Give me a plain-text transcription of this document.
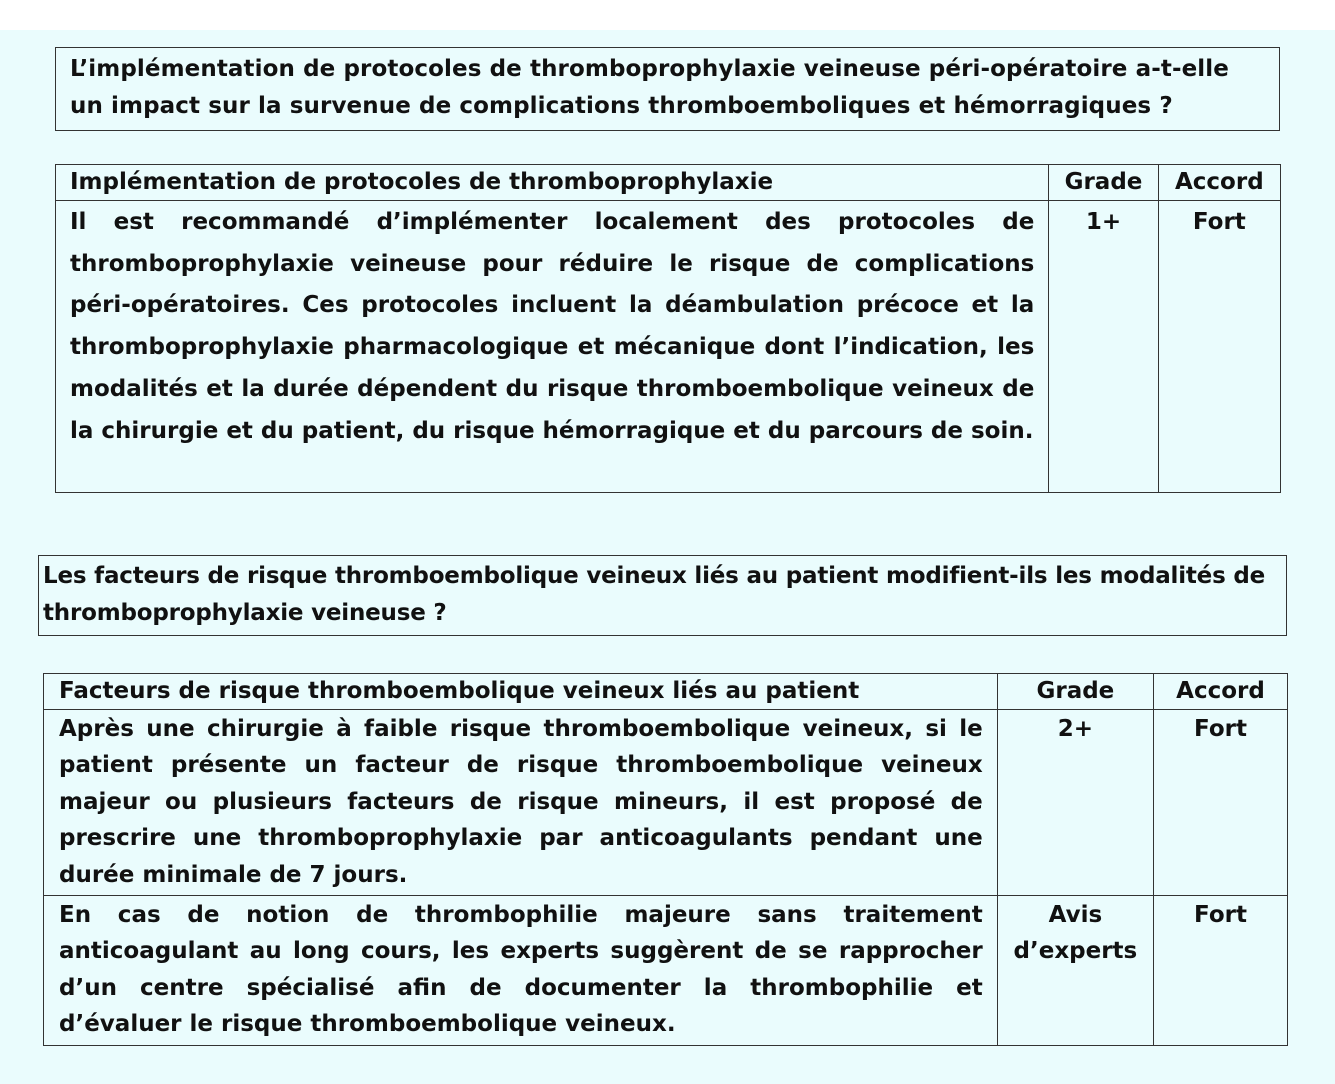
L’implémentation de protocoles de thromboprophylaxie veineuse péri-opératoire a-t-elle un impact sur la survenue de complications thromboemboliques et hémorragiques ?
Implémentation de protocoles de thromboprophylaxie	Grade	Accord
Il est recommandé d’implémenter localement des protocoles de thromboprophylaxie veineuse pour réduire le risque de complications péri-opératoires. Ces protocoles incluent la déambulation précoce et la thromboprophylaxie pharmacologique et mécanique dont l’indication, les modalités et la durée dépendent du risque thromboembolique veineux de la chirurgie et du patient, du risque hémorragique et du parcours de soin.	1+	Fort
Les facteurs de risque thromboembolique veineux liés au patient modifient-ils les modalités de thromboprophylaxie veineuse ?
Facteurs de risque thromboembolique veineux liés au patient	Grade	Accord
Après une chirurgie à faible risque thromboembolique veineux, si le patient présente un facteur de risque thromboembolique veineux majeur ou plusieurs facteurs de risque mineurs, il est proposé de prescrire une thromboprophylaxie par anticoagulants pendant une durée minimale de 7 jours.	2+	Fort
En cas de notion de thrombophilie majeure sans traitement anticoagulant au long cours, les experts suggèrent de se rapprocher d’un centre spécialisé afin de documenter la thrombophilie et d’évaluer le risque thromboembolique veineux.	Avis d’experts	Fort
